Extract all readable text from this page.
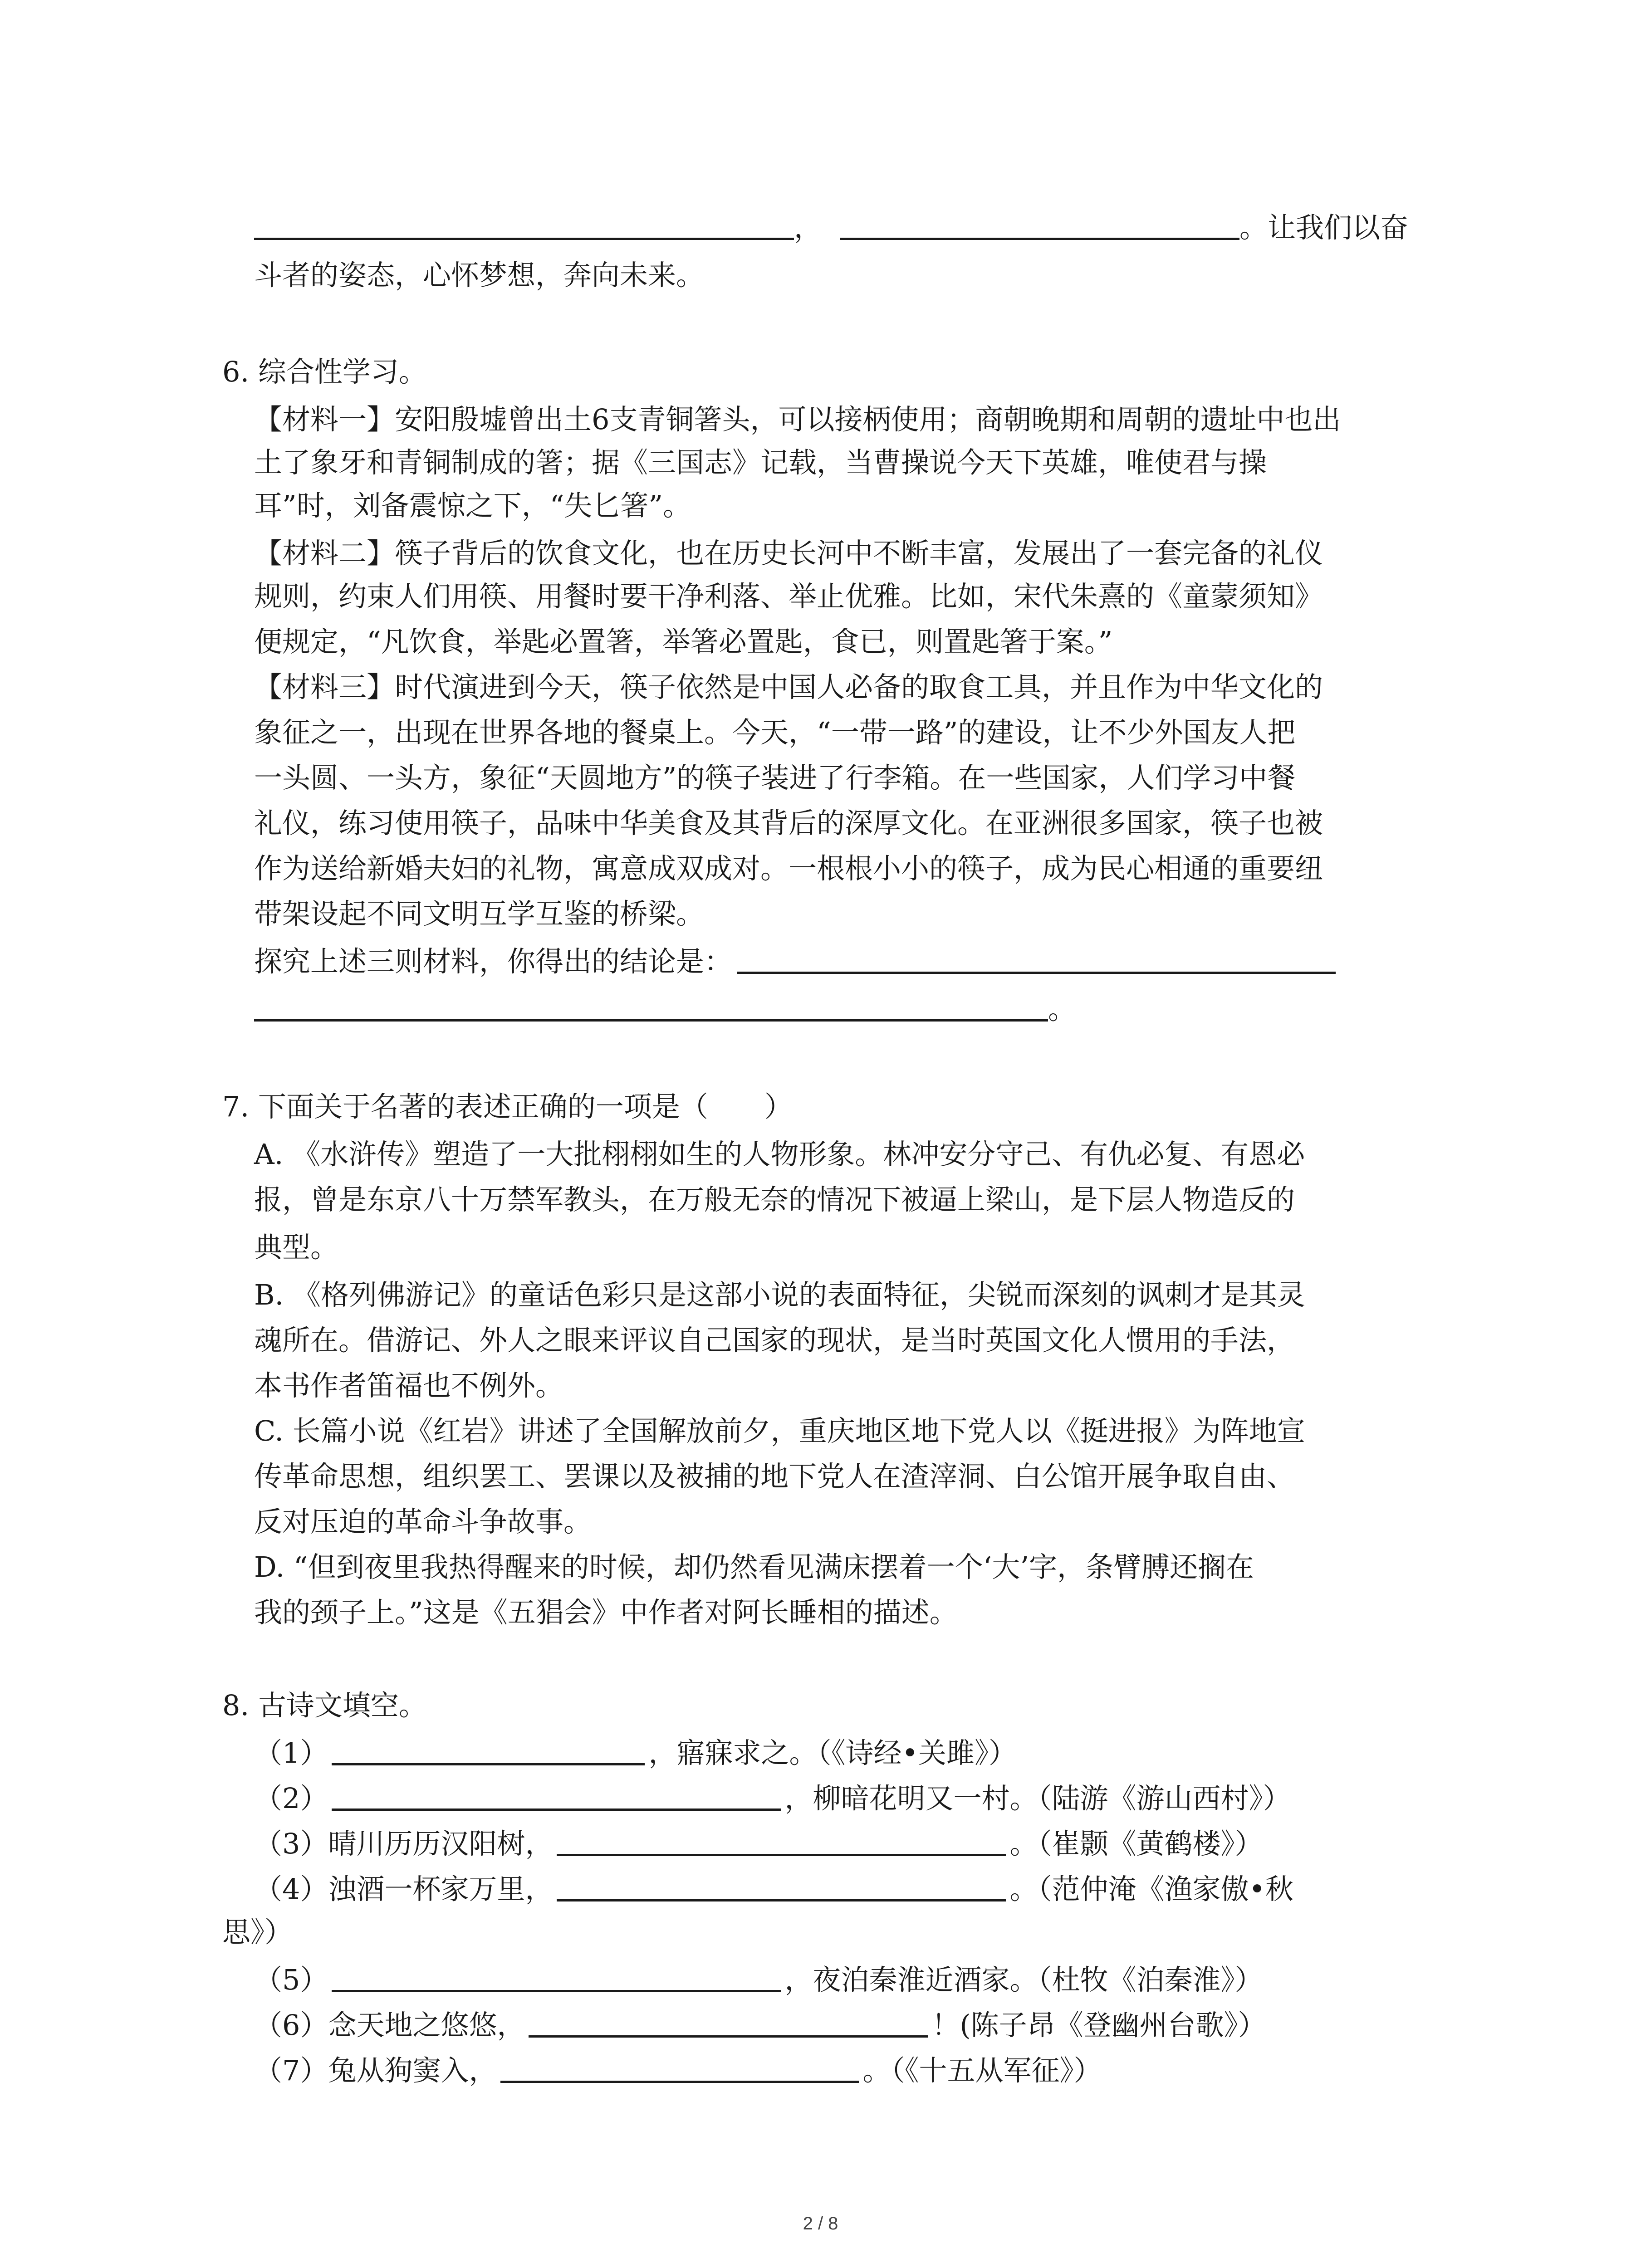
，	。让我们以奋
斗者的姿态，心怀梦想，奔向未来。
6. 综合性学习。
【材料一】安阳殷墟曾出土6支青铜箸头，可以接柄使用；商朝晚期和周朝的遗址中也出
土了象牙和青铜制成的箸；据《三国志》记载，当曹操说今天下英雄，唯使君与操
耳”时，刘备震惊之下，“失匕箸”。
【材料二】筷子背后的饮食文化，也在历史长河中不断丰富，发展出了一套完备的礼仪
规则，约束人们用筷、用餐时要干净利落、举止优雅。比如，宋代朱熹的《童蒙须知》
便规定，“凡饮食，举匙必置箸，举箸必置匙，食已，则置匙箸于案。”
【材料三】时代演进到今天，筷子依然是中国人必备的取食工具，并且作为中华文化的
象征之一，出现在世界各地的餐桌上。今天，“一带一路”的建设，让不少外国友人把
一头圆、一头方，象征“天圆地方”的筷子装进了行李箱。在一些国家，人们学习中餐
礼仪，练习使用筷子，品味中华美食及其背后的深厚文化。在亚洲很多国家，筷子也被
作为送给新婚夫妇的礼物，寓意成双成对。一根根小小的筷子，成为民心相通的重要纽
带架设起不同文明互学互鉴的桥梁。
探究上述三则材料，你得出的结论是：
。
7. 下面关于名著的表述正确的一项是（　　）
A. 《水浒传》塑造了一大批栩栩如生的人物形象。林冲安分守己、有仇必复、有恩必
报，曾是东京八十万禁军教头，在万般无奈的情况下被逼上梁山，是下层人物造反的
典型。
B. 《格列佛游记》的童话色彩只是这部小说的表面特征，尖锐而深刻的讽刺才是其灵
魂所在。借游记、外人之眼来评议自己国家的现状，是当时英国文化人惯用的手法，
本书作者笛福也不例外。
C. 长篇小说《红岩》讲述了全国解放前夕，重庆地区地下党人以《挺进报》为阵地宣
传革命思想，组织罢工、罢课以及被捕的地下党人在渣滓洞、白公馆开展争取自由、
反对压迫的革命斗争故事。
D. “但到夜里我热得醒来的时候，却仍然看见满床摆着一个‘大’字，条臂膊还搁在
我的颈子上。”这是《五猖会》中作者对阿长睡相的描述。
8. 古诗文填空。
（1）	，寤寐求之。（《诗经•关雎》）
（2）	，柳暗花明又一村。（陆游《游山西村》）
（3）晴川历历汉阳树，	。（崔颢《黄鹤楼》）
（4）浊酒一杯家万里，	。（范仲淹《渔家傲•秋
思》）
（5）	，夜泊秦淮近酒家。（杜牧《泊秦淮》）
（6）念天地之悠悠，	！(陈子昂《登幽州台歌》）
（7）兔从狗窦入，	。（《十五从军征》）
2 / 8
